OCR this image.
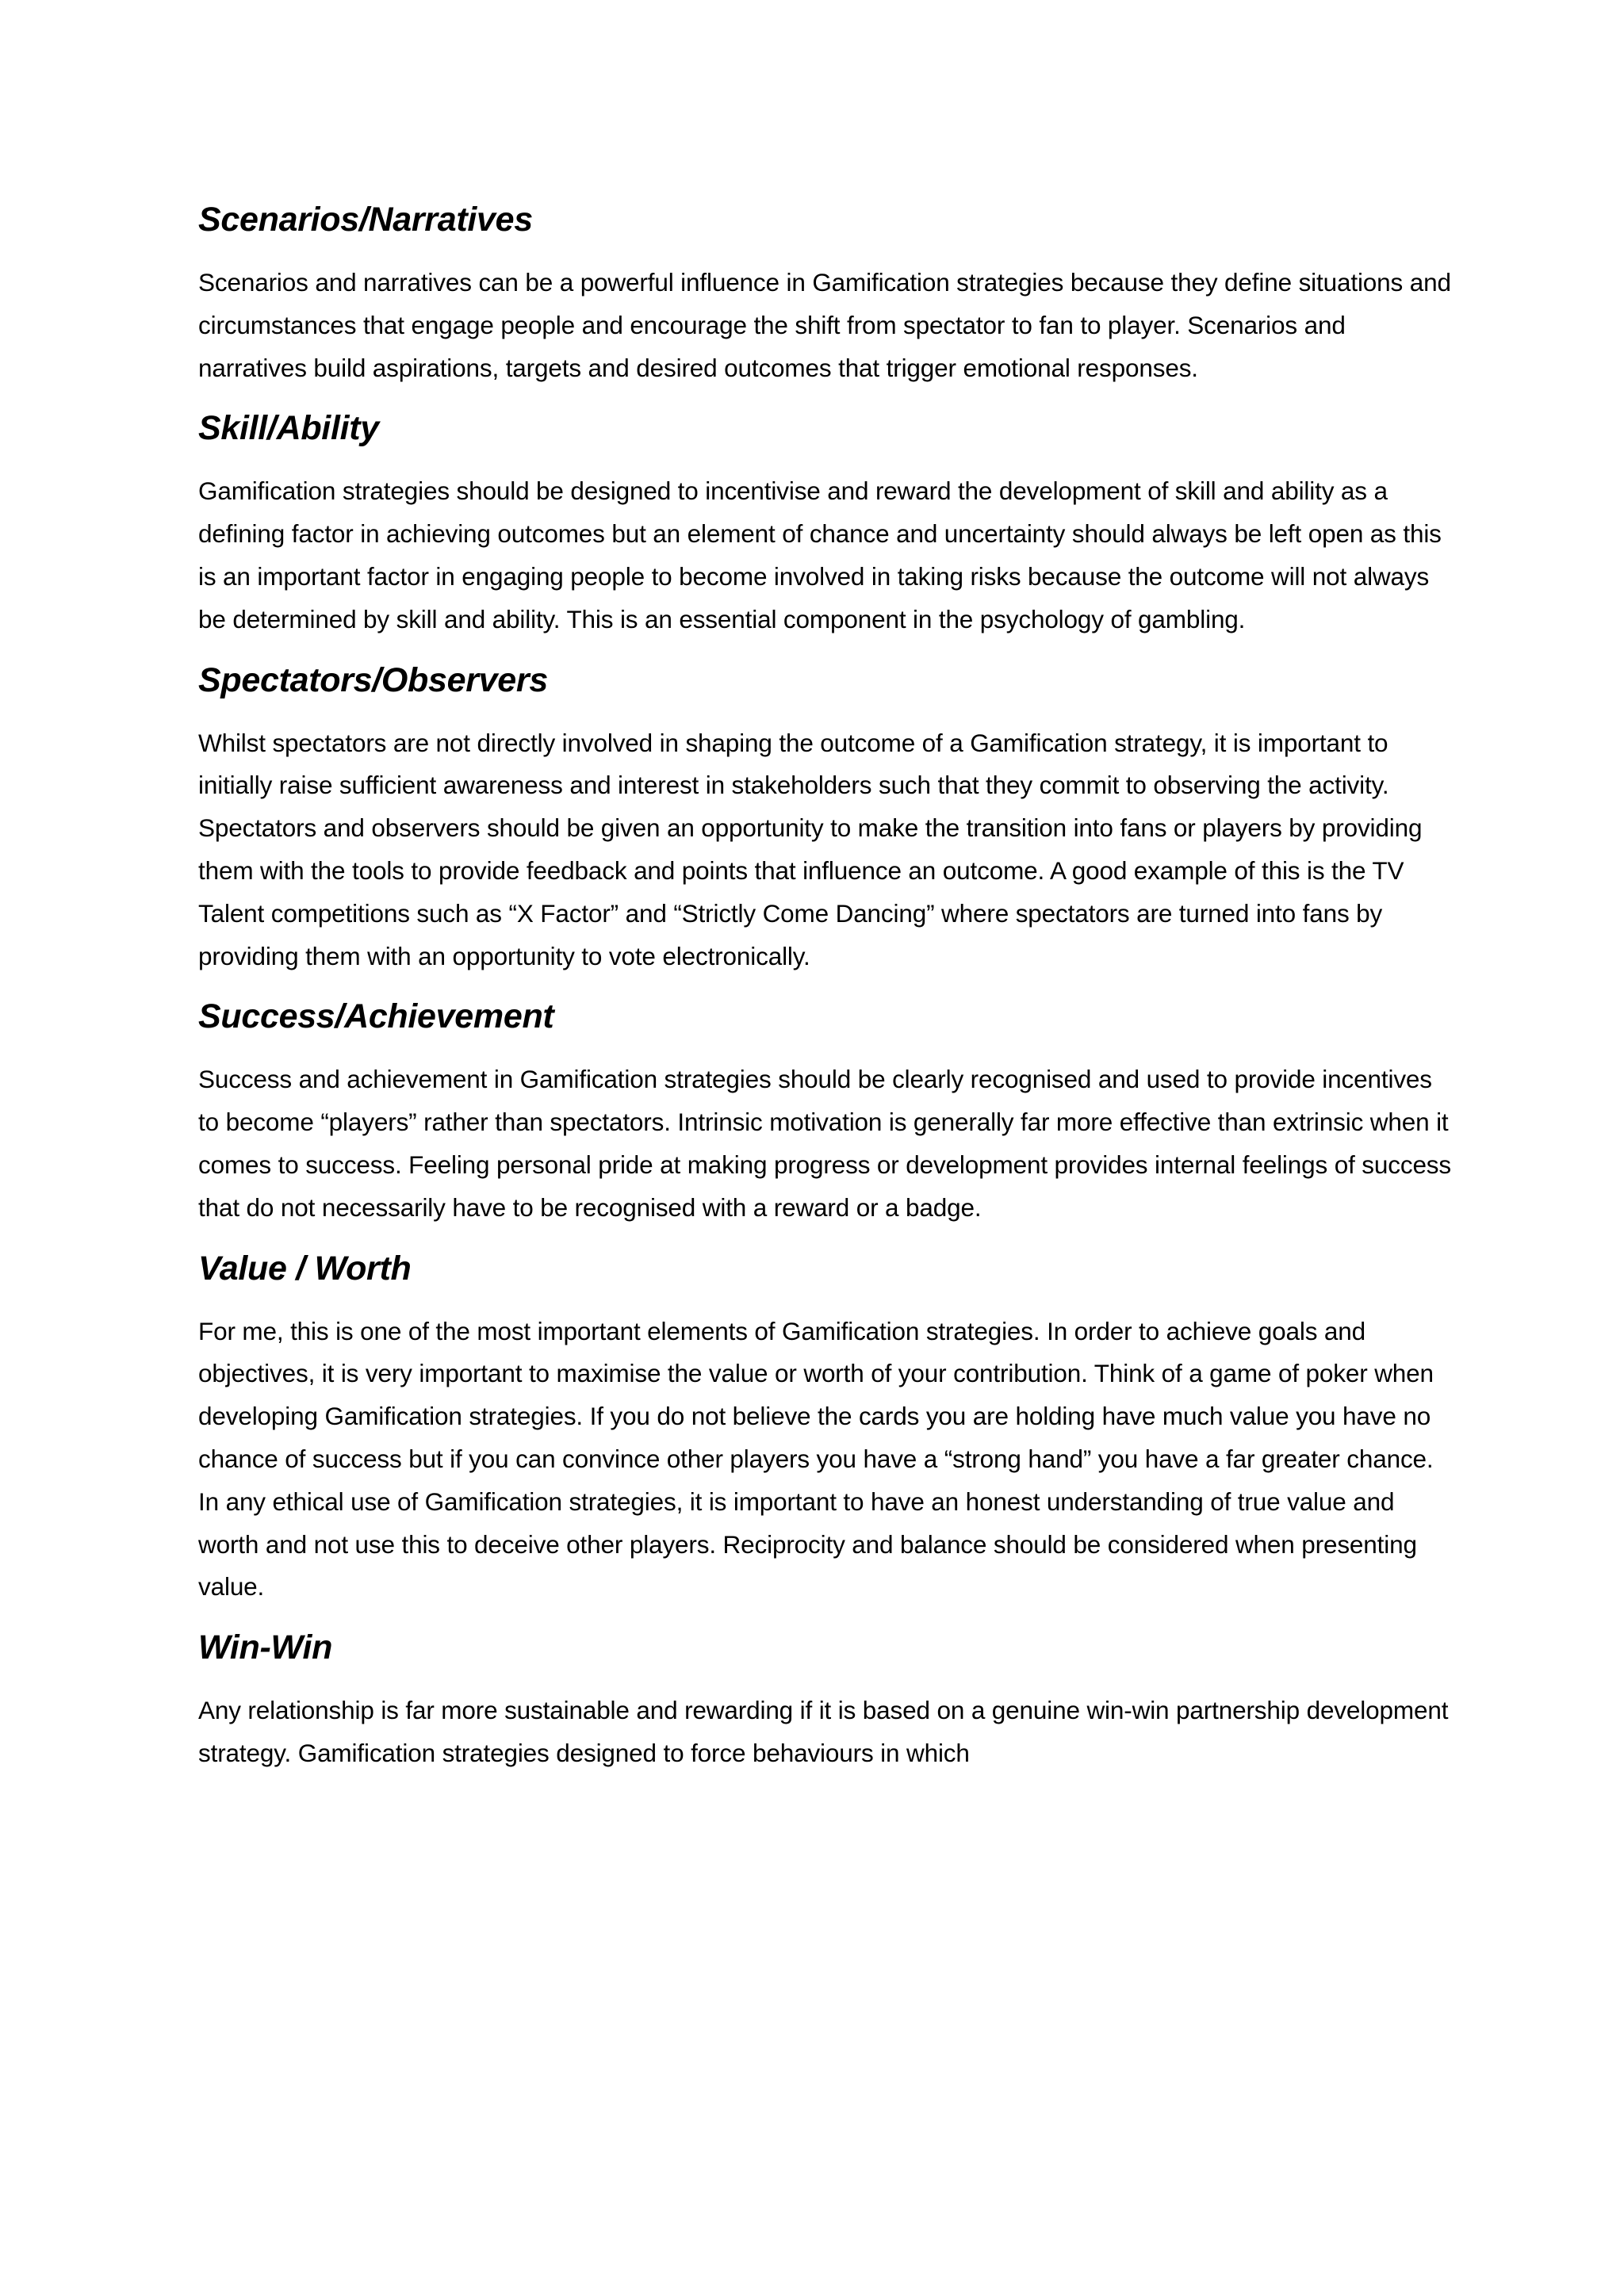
Scenarios/Narratives

Scenarios and narratives can be a powerful influence in Gamification strategies because they define situations and circumstances that engage people and encourage the shift from spectator to fan to player. Scenarios and narratives build aspirations, targets and desired outcomes that trigger emotional responses.

Skill/Ability

Gamification strategies should be designed to incentivise and reward the development of skill and ability as a defining factor in achieving outcomes but an element of chance and uncertainty should always be left open as this is an important factor in engaging people to become involved in taking risks because the outcome will not always be determined by skill and ability. This is an essential component in the psychology of gambling.

Spectators/Observers

Whilst spectators are not directly involved in shaping the outcome of a Gamification strategy, it is important to initially raise sufficient awareness and interest in stakeholders such that they commit to observing the activity. Spectators and observers should be given an opportunity to make the transition into fans or players by providing them with the tools to provide feedback and points that influence an outcome. A good example of this is the TV Talent competitions such as “X Factor” and “Strictly Come Dancing” where spectators are turned into fans by providing them with an opportunity to vote electronically.

Success/Achievement

Success and achievement in Gamification strategies should be clearly recognised and used to provide incentives to become “players” rather than spectators. Intrinsic motivation is generally far more effective than extrinsic when it comes to success. Feeling personal pride at making progress or development provides internal feelings of success that do not necessarily have to be recognised with a reward or a badge.

Value / Worth

For me, this is one of the most important elements of Gamification strategies. In order to achieve goals and objectives, it is very important to maximise the value or worth of your contribution. Think of a game of poker when developing Gamification strategies. If you do not believe the cards you are holding have much value you have no chance of success but if you can convince other players you have a “strong hand” you have a far greater chance. In any ethical use of Gamification strategies, it is important to have an honest understanding of true value and worth and not use this to deceive other players. Reciprocity and balance should be considered when presenting value.

Win-Win

Any relationship is far more sustainable and rewarding if it is based on a genuine win-win partnership development strategy. Gamification strategies designed to force behaviours in which
